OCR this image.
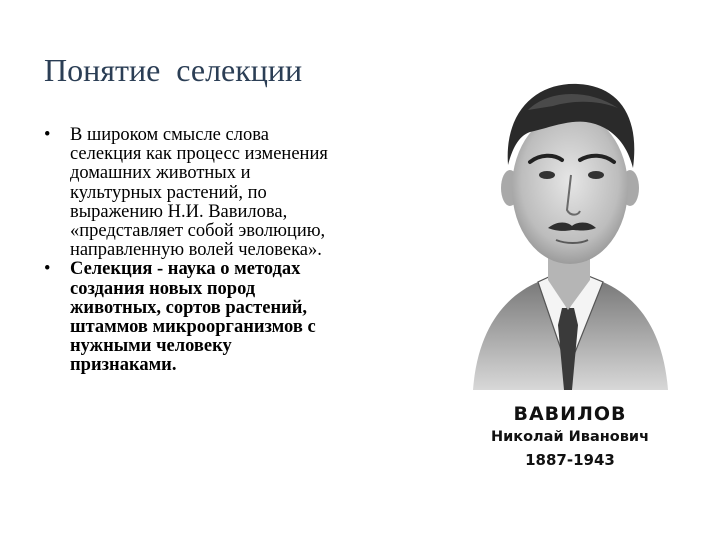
Понятие  селекции
• В широком смысле слова
селекция как процесс изменения
домашних животных и
культурных растений, по
выражению Н.И. Вавилова,
«представляет собой эволюцию,
направленную волей человека».
• Селекция - наука о методах
создания новых пород
животных, сортов растений,
штаммов микроорганизмов с
нужными человеку
признаками.
ВАВИЛОВ
Николай Иванович
1887-1943
